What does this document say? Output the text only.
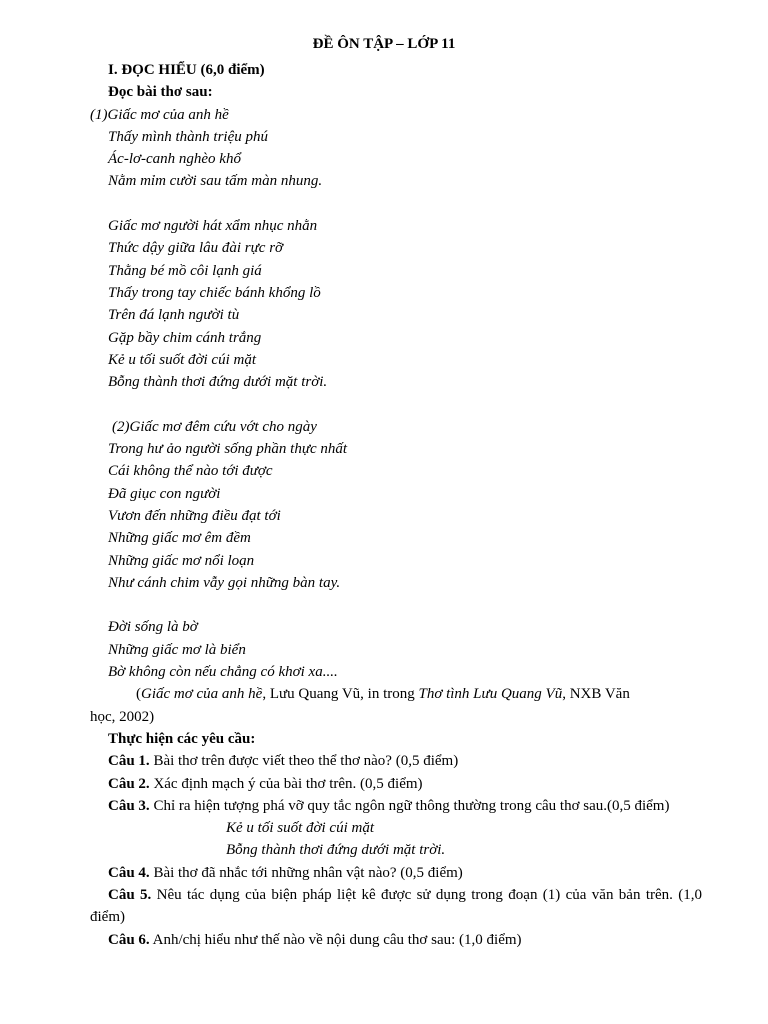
ĐỀ ÔN TẬP – LỚP 11
I. ĐỌC HIỂU (6,0 điểm)
Đọc bài thơ sau:
(1)Giấc mơ của anh hề
Thấy mình thành triệu phú
Ác-lơ-canh nghèo khổ
Nằm mỉm cười sau tấm màn nhung.
Giấc mơ người hát xẩm nhục nhằn
Thức dậy giữa lâu đài rực rỡ
Thằng bé mồ côi lạnh giá
Thấy trong tay chiếc bánh khổng lồ
Trên đá lạnh người tù
Gặp bầy chim cánh trắng
Kẻ u tối suốt đời cúi mặt
Bỗng thành thơi đứng dưới mặt trời.
(2)Giấc mơ đêm cứu vớt cho ngày
Trong hư ảo người sống phần thực nhất
Cái không thể nào tới được
Đã giục con người
Vươn đến những điều đạt tới
Những giấc mơ êm đềm
Những giấc mơ nổi loạn
Như cánh chim vẫy gọi những bàn tay.
Đời sống là bờ
Những giấc mơ là biển
Bờ không còn nếu chẳng có khơi xa....
(Giấc mơ của anh hề, Lưu Quang Vũ, in trong Thơ tình Lưu Quang Vũ, NXB Văn
học, 2002)
Thực hiện các yêu cầu:
Câu 1. Bài thơ trên được viết theo thể thơ nào? (0,5 điểm)
Câu 2. Xác định mạch ý của bài thơ trên. (0,5 điểm)
Câu 3. Chỉ ra hiện tượng phá vỡ quy tắc ngôn ngữ thông thường trong câu thơ sau.(0,5 điểm)
Kẻ u tối suốt đời cúi mặt
Bỗng thành thơi đứng dưới mặt trời.
Câu 4. Bài thơ đã nhắc tới những nhân vật nào? (0,5 điểm)
Câu 5. Nêu tác dụng của biện pháp liệt kê được sử dụng trong đoạn (1) của văn bản trên. (1,0 điểm)
Câu 6. Anh/chị hiểu như thế nào về nội dung câu thơ sau: (1,0 điểm)
